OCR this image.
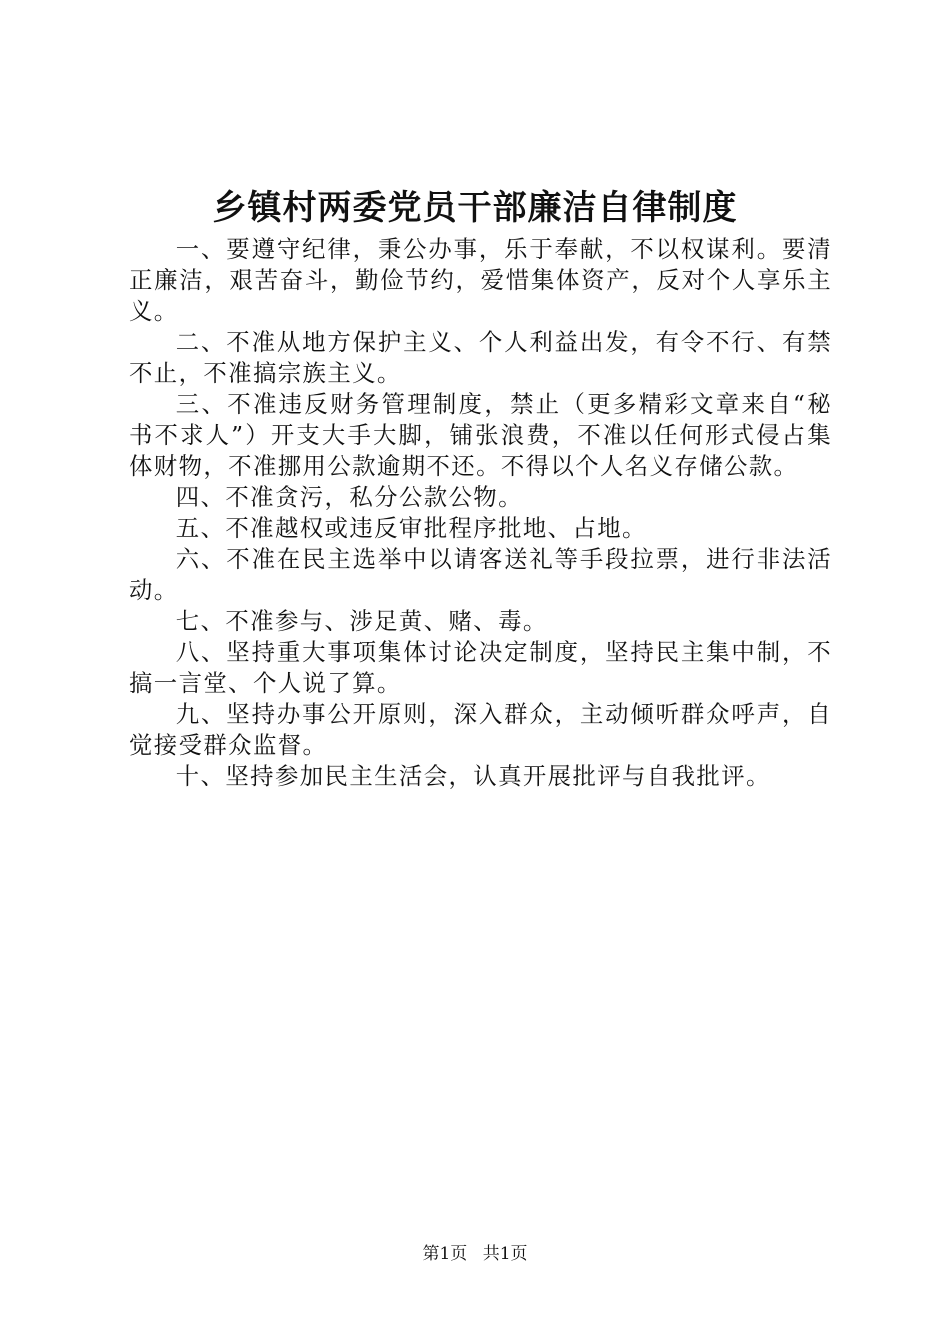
乡镇村两委党员干部廉洁自律制度

一、要遵守纪律，秉公办事，乐于奉献，不以权谋利。要清正廉洁，艰苦奋斗，勤俭节约，爱惜集体资产，反对个人享乐主义。

二、不准从地方保护主义、个人利益出发，有令不行、有禁不止，不准搞宗族主义。

三、不准违反财务管理制度，禁止（更多精彩文章来自“秘书不求人”）开支大手大脚，铺张浪费，不准以任何形式侵占集体财物，不准挪用公款逾期不还。不得以个人名义存储公款。

四、不准贪污，私分公款公物。

五、不准越权或违反审批程序批地、占地。

六、不准在民主选举中以请客送礼等手段拉票，进行非法活动。

七、不准参与、涉足黄、赌、毒。

八、坚持重大事项集体讨论决定制度，坚持民主集中制，不搞一言堂、个人说了算。

九、坚持办事公开原则，深入群众，主动倾听群众呼声，自觉接受群众监督。

十、坚持参加民主生活会，认真开展批评与自我批评。

第1页 共1页
